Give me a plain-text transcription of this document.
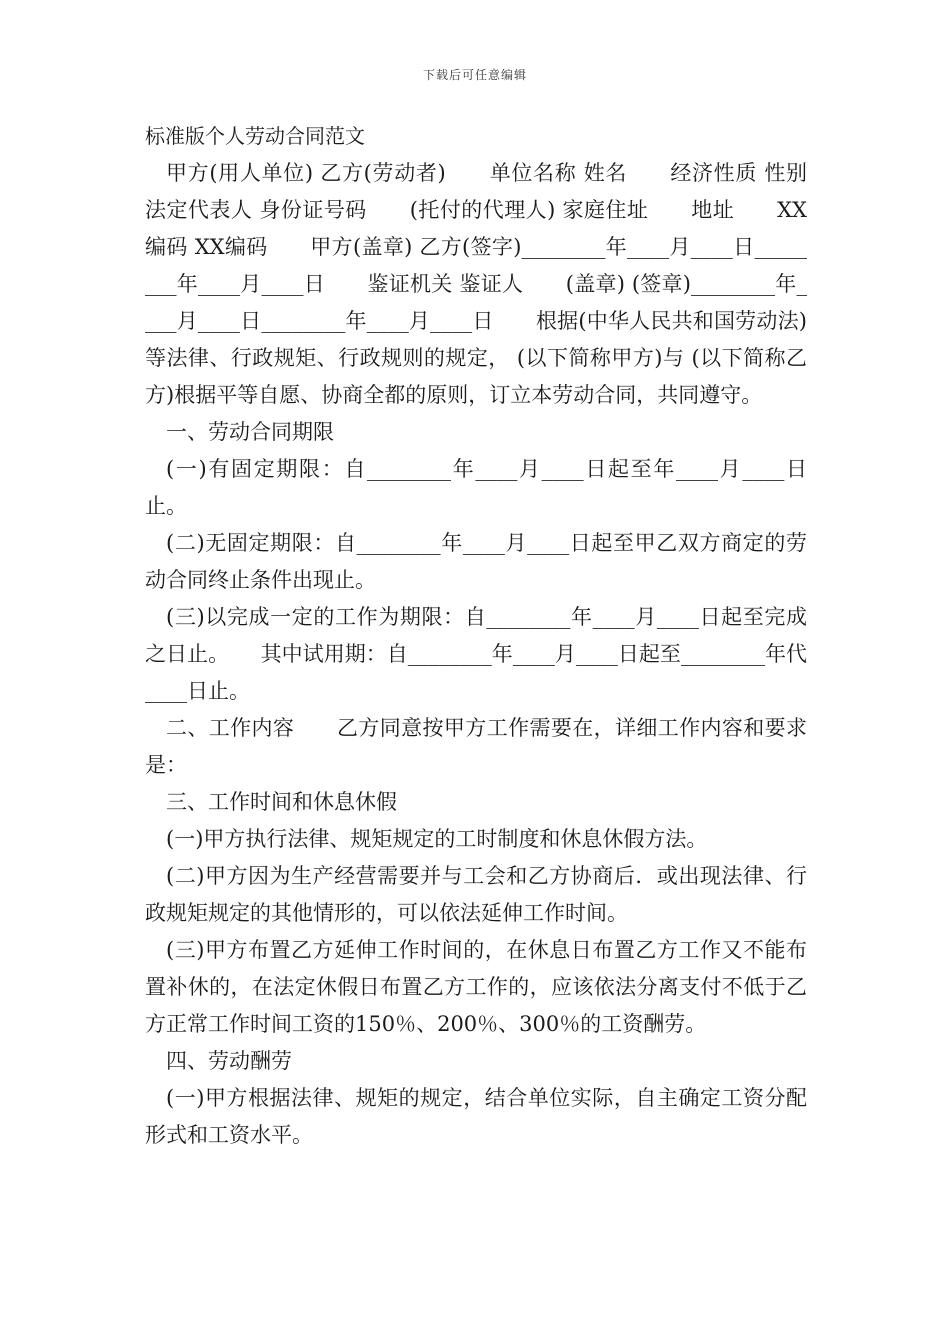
下载后可任意编辑

标准版个人劳动合同范文

甲方(用人单位) 乙方(劳动者)　　单位名称 姓名　　经济性质 性别　　法定代表人 身份证号码　　(托付的代理人) 家庭住址　　地址　　XX编码 XX编码　　甲方(盖章) 乙方(签字)________年____月____日________年____月____日　　鉴证机关 鉴证人　　(盖章) (签章)________年____月____日________年____月____日　　根据(中华人民共和国劳动法)等法律、行政规矩、行政规则的规定， (以下简称甲方)与 (以下简称乙方)根据平等自愿、协商全都的原则，订立本劳动合同，共同遵守。

一、劳动合同期限

(一)有固定期限：自________年____月____日起至年____月____日止。

(二)无固定期限：自________年____月____日起至甲乙双方商定的劳动合同终止条件出现止。

(三)以完成一定的工作为期限：自________年____月____日起至完成之日止。　　其中试用期：自________年____月____日起至________年代____日止。

二、工作内容　　乙方同意按甲方工作需要在，详细工作内容和要求是：

三、工作时间和休息休假

(一)甲方执行法律、规矩规定的工时制度和休息休假方法。

(二)甲方因为生产经营需要并与工会和乙方协商后．或出现法律、行政规矩规定的其他情形的，可以依法延伸工作时间。

(三)甲方布置乙方延伸工作时间的，在休息日布置乙方工作又不能布置补休的，在法定休假日布置乙方工作的，应该依法分离支付不低于乙方正常工作时间工资的150％、200％、300％的工资酬劳。

四、劳动酬劳

(一)甲方根据法律、规矩的规定，结合单位实际，自主确定工资分配形式和工资水平。
